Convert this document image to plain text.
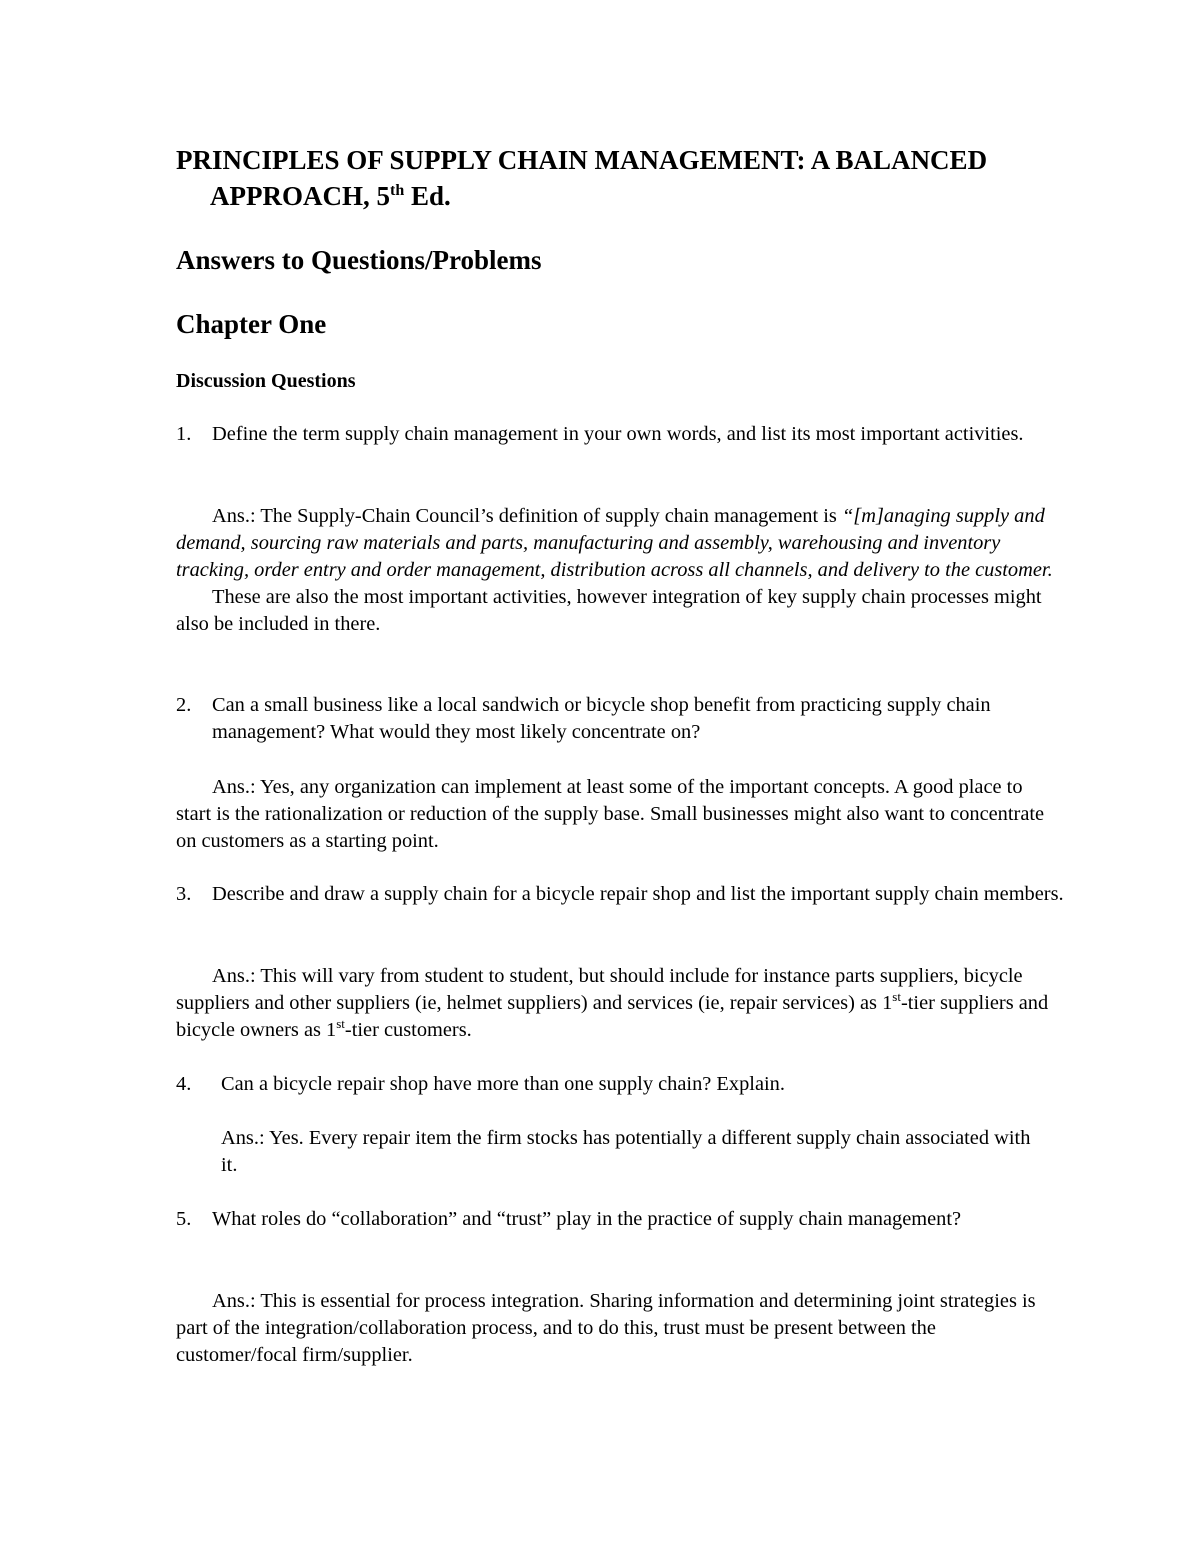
PRINCIPLES OF SUPPLY CHAIN MANAGEMENT: A BALANCED APPROACH, 5th Ed.
Answers to Questions/Problems
Chapter One
Discussion Questions
1. Define the term supply chain management in your own words, and list its most important activities.
Ans.: The Supply-Chain Council’s definition of supply chain management is “[m]anaging supply and demand, sourcing raw materials and parts, manufacturing and assembly, warehousing and inventory tracking, order entry and order management, distribution across all channels, and delivery to the customer.
These are also the most important activities, however integration of key supply chain processes might also be included in there.
2. Can a small business like a local sandwich or bicycle shop benefit from practicing supply chain management? What would they most likely concentrate on?
Ans.: Yes, any organization can implement at least some of the important concepts. A good place to start is the rationalization or reduction of the supply base. Small businesses might also want to concentrate on customers as a starting point.
3. Describe and draw a supply chain for a bicycle repair shop and list the important supply chain members.
Ans.: This will vary from student to student, but should include for instance parts suppliers, bicycle suppliers and other suppliers (ie, helmet suppliers) and services (ie, repair services) as 1st-tier suppliers and bicycle owners as 1st-tier customers.
4. Can a bicycle repair shop have more than one supply chain? Explain.
Ans.: Yes. Every repair item the firm stocks has potentially a different supply chain associated with it.
5. What roles do “collaboration” and “trust” play in the practice of supply chain management?
Ans.: This is essential for process integration. Sharing information and determining joint strategies is part of the integration/collaboration process, and to do this, trust must be present between the customer/focal firm/supplier.
